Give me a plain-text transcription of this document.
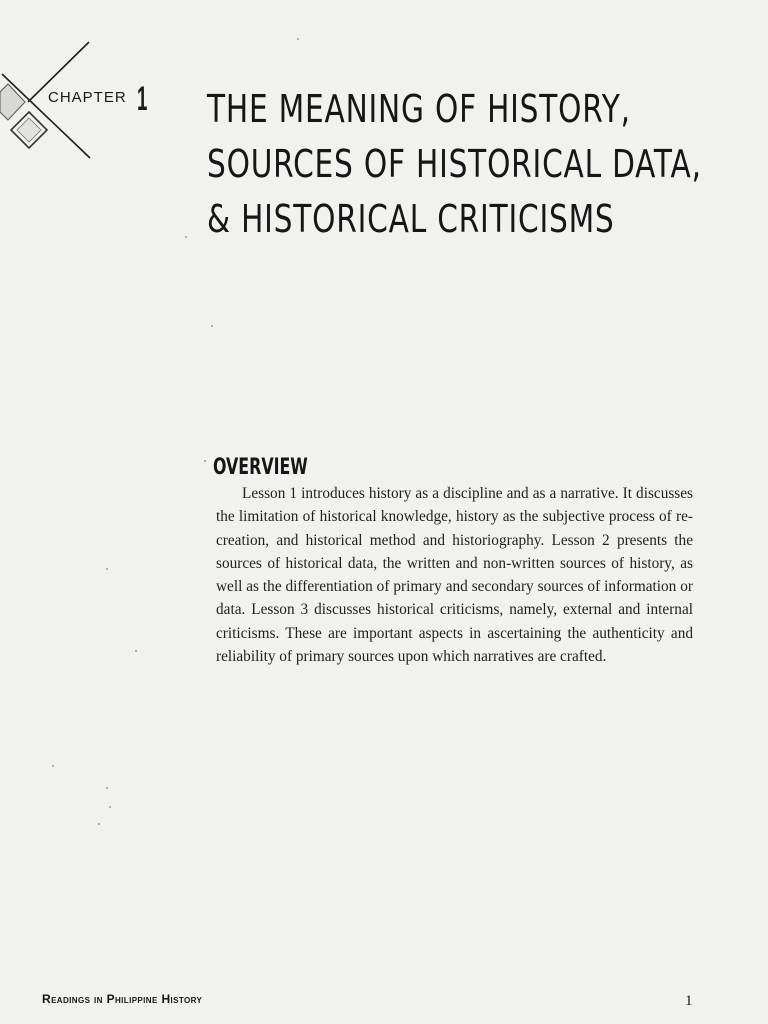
CHAPTER 1 THE MEANING OF HISTORY,
SOURCES OF HISTORICAL DATA,
& HISTORICAL CRITICISMS
OVERVIEW

Lesson 1 introduces history as a discipline and as a narrative. It discusses the limitation of historical knowledge, history as the subjective process of re-creation, and historical method and historiography. Lesson 2 presents the sources of historical data, the written and non-written sources of history, as well as the differentiation of primary and secondary sources of information or data. Lesson 3 discusses historical criticisms, namely, external and internal criticisms. These are important aspects in ascertaining the authenticity and reliability of primary sources upon which narratives are crafted.

Readings in Philippine History	1
